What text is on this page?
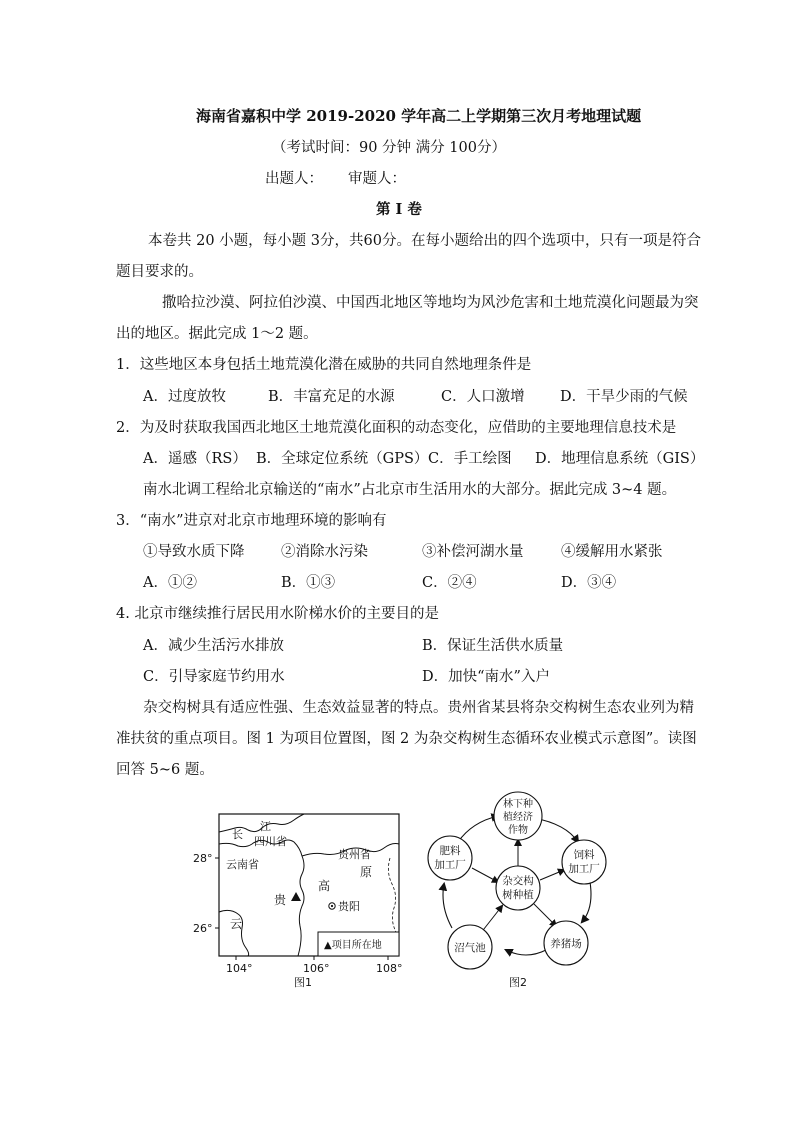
海南省嘉积中学 2019-2020 学年高二上学期第三次月考地理试题
（考试时间：90 分钟 满分 100分）
出题人： 审题人：
第 Ⅰ 卷
本卷共 20 小题，每小题 3分，共60分。在每小题给出的四个选项中，只有一项是符合
题目要求的。
撒哈拉沙漠、阿拉伯沙漠、中国西北地区等地均为风沙危害和土地荒漠化问题最为突
出的地区。据此完成 1～2 题。
1．这些地区本身包括土地荒漠化潜在威胁的共同自然地理条件是
A．过度放牧	B．丰富充足的水源	C．人口激增 D．干旱少雨的气候
2．为及时获取我国西北地区土地荒漠化面积的动态变化，应借助的主要地理信息技术是
A．遥感（RS） B．全球定位系统（GPS） C．手工绘图 D．地理信息系统（GIS）
南水北调工程给北京输送的“南水”占北京市生活用水的大部分。据此完成 3~4 题。
3．“南水”进京对北京市地理环境的影响有
①导致水质下降	②消除水污染	③补偿河湖水量	④缓解用水紧张
A．①②	B．①③	C．②④	D．③④
4. 北京市继续推行居民用水阶梯水价的主要目的是
A．减少生活污水排放	B．保证生活供水质量
C．引导家庭节约用水	D．加快“南水”入户
杂交构树具有适应性强、生态效益显著的特点。贵州省某县将杂交构树生态农业列为精
准扶贫的重点项目。图 1 为项目位置图，图 2 为杂交构树生态循环农业模式示意图”。读图
回答 5~6 题。
长
江
四川省
云南省
贵州省
原
高
贵	贵阳
云
▲项目所在地
28°
26°
104°	106°	108°
图1
林下种
植经济
作物
饲料
加工厂
养猪场
沼气池
肥料
加工厂
杂交构
树种植
图2
